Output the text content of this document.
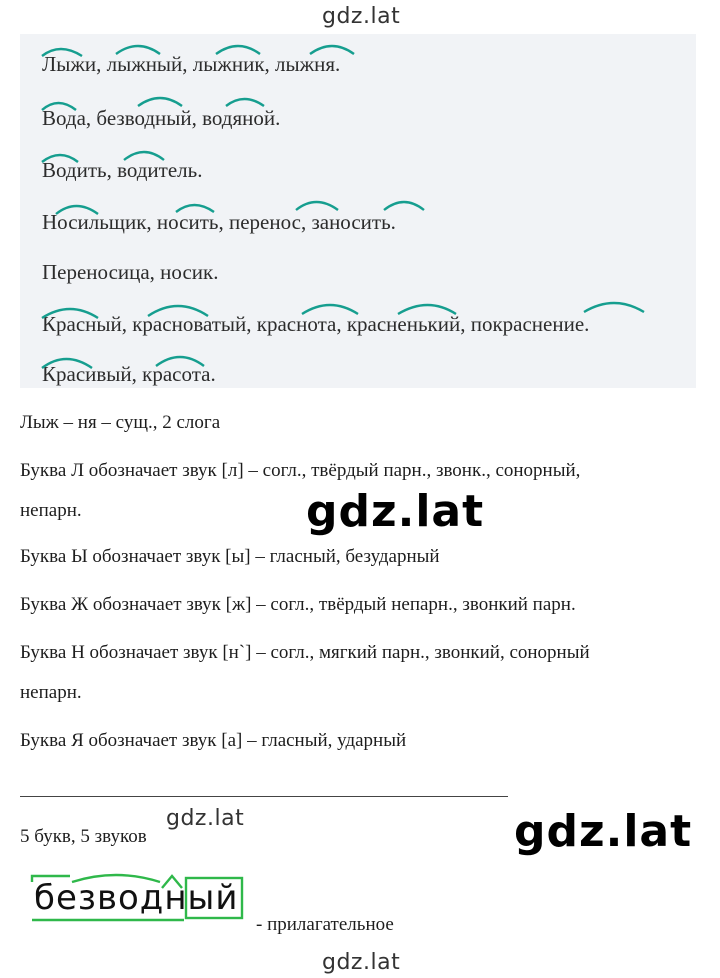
gdz.lat
gdz.lat
gdz.lat	gdz.lat
gdz.lat
Лыжи, лыжный, лыжник, лыжня.
Вода, безводный, водяной.
Водить, водитель.
Носильщик, носить, перенос, заносить.
Переносица, носик.
Красный, красноватый, краснота, красненький, покраснение.
Красивый, красота.
Лыж – ня – сущ., 2 слога
Буква Л обозначает звук [л] – согл., твёрдый парн., звонк., сонорный,
непарн.
Буква Ы обозначает звук [ы] – гласный, безударный
Буква Ж обозначает звук [ж] – согл., твёрдый непарн., звонкий парн.
Буква Н обозначает звук [н`] – согл., мягкий парн., звонкий, сонорный
непарн.
Буква Я обозначает звук [а] – гласный, ударный
5 букв, 5 звуков
безводный
- прилагательное
